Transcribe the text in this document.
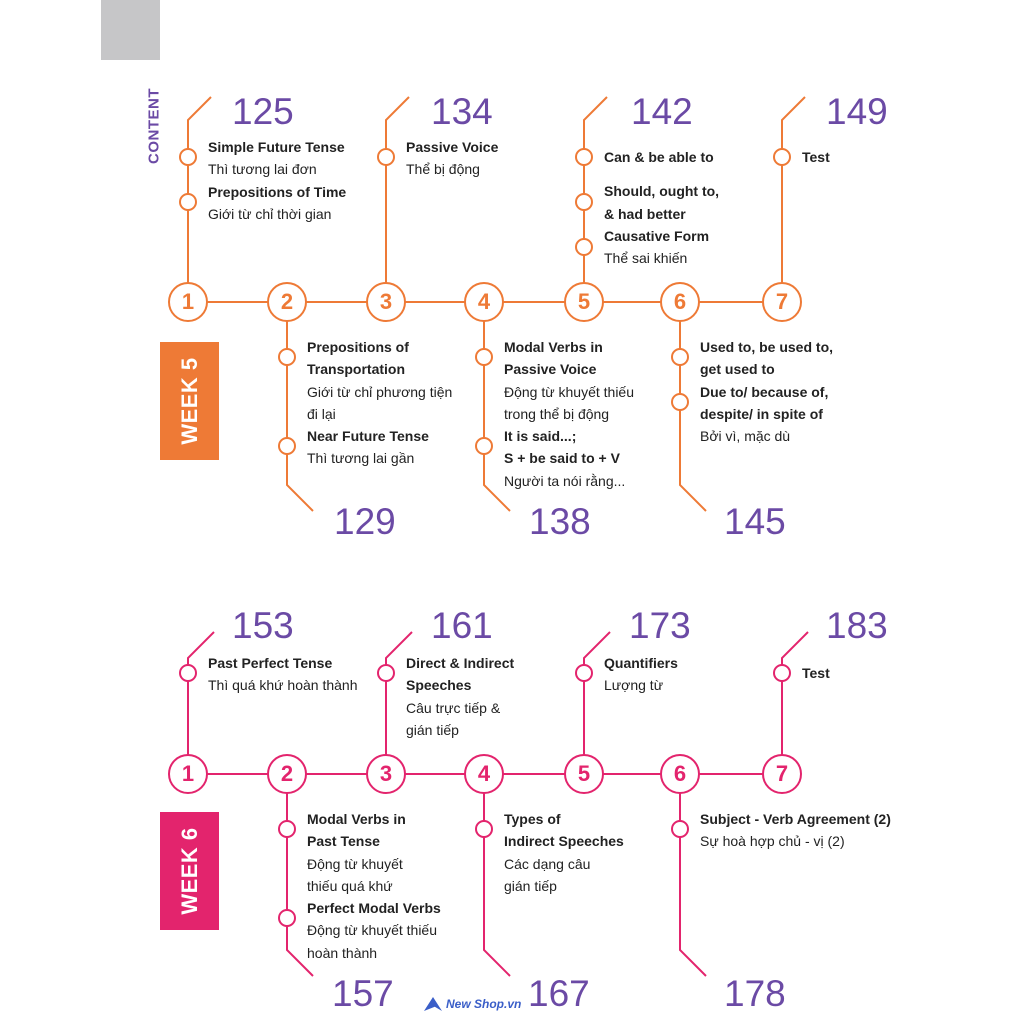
CONTENT
WEEK 5
1	2	3	4	5	6	7
125	134	142	149
129	138	145
Simple Future Tense
Thì tương lai đơn
Prepositions of Time
Giới từ chỉ thời gian
Passive Voice
Thể bị động
Can & be able to
Should, ought to,
& had better
Causative Form
Thể sai khiến
Test
Prepositions of
Transportation
Giới từ chỉ phương tiện
đi lại
Near Future Tense
Thì tương lai gần
Modal Verbs in
Passive Voice
Động từ khuyết thiếu
trong thể bị động
It is said...;
S + be said to + V
Người ta nói rằng...
Used to, be used to,
get used to
Due to/ because of,
despite/ in spite of
Bởi vì, mặc dù
WEEK 6
1	2	3	4	5	6	7
153	161	173	183
157	167	178
Past Perfect Tense
Thì quá khứ hoàn thành
Direct & Indirect
Speeches
Câu trực tiếp &
gián tiếp
Quantifiers
Lượng từ
Test
Modal Verbs in
Past Tense
Động từ khuyết
thiếu quá khứ
Perfect Modal Verbs
Động từ khuyết thiếu
hoàn thành
Types of
Indirect Speeches
Các dạng câu
gián tiếp
Subject - Verb Agreement (2)
Sự hoà hợp chủ - vị (2)
New Shop.vn
